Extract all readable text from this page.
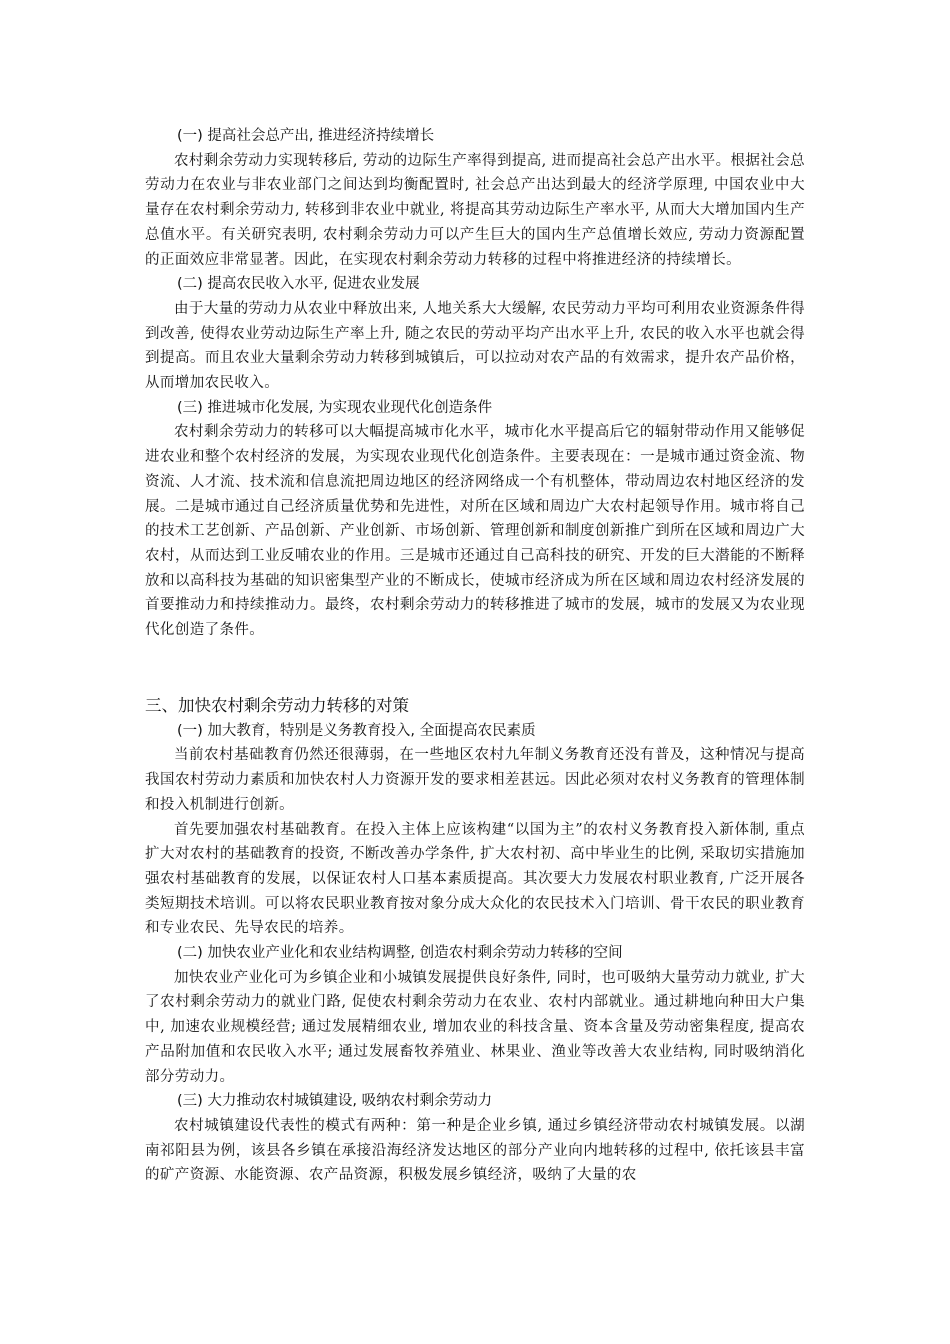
(一) 提高社会总产出, 推进经济持续增长

农村剩余劳动力实现转移后, 劳动的边际生产率得到提高, 进而提高社会总产出水平。根据社会总劳动力在农业与非农业部门之间达到均衡配置时, 社会总产出达到最大的经济学原理, 中国农业中大量存在农村剩余劳动力, 转移到非农业中就业, 将提高其劳动边际生产率水平, 从而大大增加国内生产总值水平。有关研究表明, 农村剩余劳动力可以产生巨大的国内生产总值增长效应, 劳动力资源配置的正面效应非常显著。因此，在实现农村剩余劳动力转移的过程中将推进经济的持续增长。

(二) 提高农民收入水平, 促进农业发展

由于大量的劳动力从农业中释放出来, 人地关系大大缓解, 农民劳动力平均可利用农业资源条件得到改善, 使得农业劳动边际生产率上升, 随之农民的劳动平均产出水平上升, 农民的收入水平也就会得到提高。而且农业大量剩余劳动力转移到城镇后，可以拉动对农产品的有效需求，提升农产品价格，从而增加农民收入。

(三) 推进城市化发展, 为实现农业现代化创造条件

农村剩余劳动力的转移可以大幅提高城市化水平，城市化水平提高后它的辐射带动作用又能够促进农业和整个农村经济的发展，为实现农业现代化创造条件。主要表现在：一是城市通过资金流、物资流、人才流、技术流和信息流把周边地区的经济网络成一个有机整体，带动周边农村地区经济的发展。二是城市通过自己经济质量优势和先进性，对所在区域和周边广大农村起领导作用。城市将自己的技术工艺创新、产品创新、产业创新、市场创新、管理创新和制度创新推广到所在区域和周边广大农村，从而达到工业反哺农业的作用。三是城市还通过自己高科技的研究、开发的巨大潜能的不断释放和以高科技为基础的知识密集型产业的不断成长，使城市经济成为所在区域和周边农村经济发展的首要推动力和持续推动力。最终，农村剩余劳动力的转移推进了城市的发展，城市的发展又为农业现代化创造了条件。

三、加快农村剩余劳动力转移的对策
(一) 加大教育，特别是义务教育投入, 全面提高农民素质

当前农村基础教育仍然还很薄弱，在一些地区农村九年制义务教育还没有普及，这种情况与提高我国农村劳动力素质和加快农村人力资源开发的要求相差甚远。因此必须对农村义务教育的管理体制和投入机制进行创新。

首先要加强农村基础教育。在投入主体上应该构建“以国为主”的农村义务教育投入新体制, 重点扩大对农村的基础教育的投资, 不断改善办学条件, 扩大农村初、高中毕业生的比例, 采取切实措施加强农村基础教育的发展，以保证农村人口基本素质提高。其次要大力发展农村职业教育, 广泛开展各类短期技术培训。可以将农民职业教育按对象分成大众化的农民技术入门培训、骨干农民的职业教育和专业农民、先导农民的培养。

(二) 加快农业产业化和农业结构调整, 创造农村剩余劳动力转移的空间

加快农业产业化可为乡镇企业和小城镇发展提供良好条件, 同时，也可吸纳大量劳动力就业, 扩大了农村剩余劳动力的就业门路, 促使农村剩余劳动力在农业、农村内部就业。通过耕地向种田大户集中, 加速农业规模经营; 通过发展精细农业, 增加农业的科技含量、资本含量及劳动密集程度, 提高农产品附加值和农民收入水平; 通过发展畜牧养殖业、林果业、渔业等改善大农业结构, 同时吸纳消化部分劳动力。

(三) 大力推动农村城镇建设, 吸纳农村剩余劳动力

农村城镇建设代表性的模式有两种：第一种是企业乡镇, 通过乡镇经济带动农村城镇发展。以湖南祁阳县为例，该县各乡镇在承接沿海经济发达地区的部分产业向内地转移的过程中, 依托该县丰富的矿产资源、水能资源、农产品资源，积极发展乡镇经济，吸纳了大量的农
